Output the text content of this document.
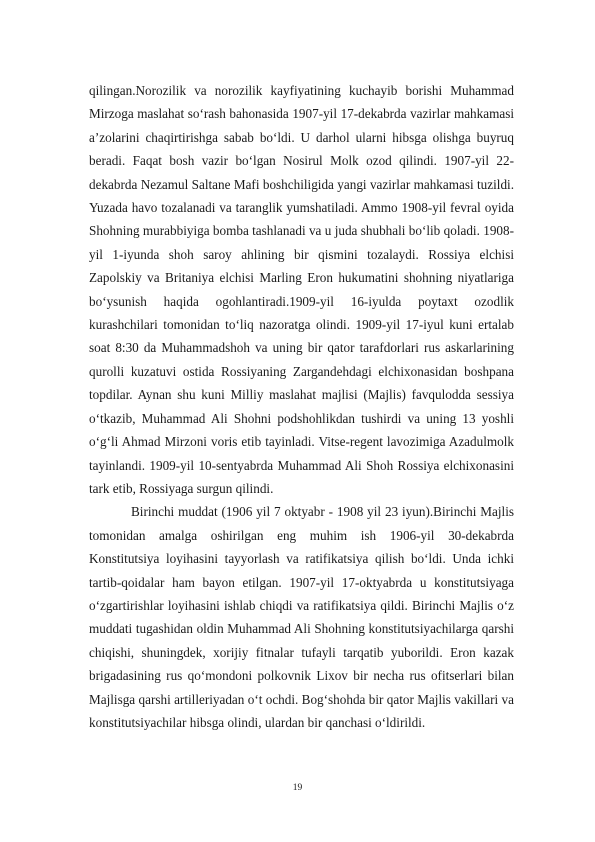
qilingan.Norozilik va norozilik kayfiyatining kuchayib borishi Muhammad Mirzoga maslahat so‘rash bahonasida 1907-yil 17-dekabrda vazirlar mahkamasi a’zolarini chaqirtirishga sabab bo‘ldi. U darhol ularni hibsga olishga buyruq beradi. Faqat bosh vazir bo‘lgan Nosirul Molk ozod qilindi. 1907-yil 22-dekabrda Nezamul Saltane Mafi boshchiligida yangi vazirlar mahkamasi tuzildi. Yuzada havo tozalanadi va taranglik yumshatiladi. Ammo 1908-yil fevral oyida Shohning murabbiyiga bomba tashlanadi va u juda shubhali bo‘lib qoladi. 1908-yil 1-iyunda shoh saroy ahlining bir qismini tozalaydi. Rossiya elchisi Zapolskiy va Britaniya elchisi Marling Eron hukumatini shohning niyatlariga bo‘ysunish haqida ogohlantiradi.1909-yil 16-iyulda poytaxt ozodlik kurashchilari tomonidan to‘liq nazoratga olindi. 1909-yil 17-iyul kuni ertalab soat 8:30 da Muhammadshoh va uning bir qator tarafdorlari rus askarlarining qurolli kuzatuvi ostida Rossiyaning Zargandehdagi elchixonasidan boshpana topdilar. Aynan shu kuni Milliy maslahat majlisi (Majlis) favqulodda sessiya o‘tkazib, Muhammad Ali Shohni podshohlikdan tushirdi va uning 13 yoshli o‘g‘li Ahmad Mirzoni voris etib tayinladi. Vitse-regent lavozimiga Azadulmolk tayinlandi. 1909-yil 10-sentyabrda Muhammad Ali Shoh Rossiya elchixonasini tark etib, Rossiyaga surgun qilindi.

Birinchi muddat (1906 yil 7 oktyabr - 1908 yil 23 iyun).Birinchi Majlis tomonidan amalga oshirilgan eng muhim ish 1906-yil 30-dekabrda Konstitutsiya loyihasini tayyorlash va ratifikatsiya qilish bo‘ldi. Unda ichki tartib-qoidalar ham bayon etilgan. 1907-yil 17-oktyabrda u konstitutsiyaga o‘zgartirishlar loyihasini ishlab chiqdi va ratifikatsiya qildi. Birinchi Majlis o‘z muddati tugashidan oldin Muhammad Ali Shohning konstitutsiyachilarga qarshi chiqishi, shuningdek, xorijiy fitnalar tufayli tarqatib yuborildi. Eron kazak brigadasining rus qo‘mondoni polkovnik Lixov bir necha rus ofitserlari bilan Majlisga qarshi artilleriyadan o‘t ochdi. Bog‘shohda bir qator Majlis vakillari va konstitutsiyachilar hibsga olindi, ulardan bir qanchasi o‘ldirildi.

19
